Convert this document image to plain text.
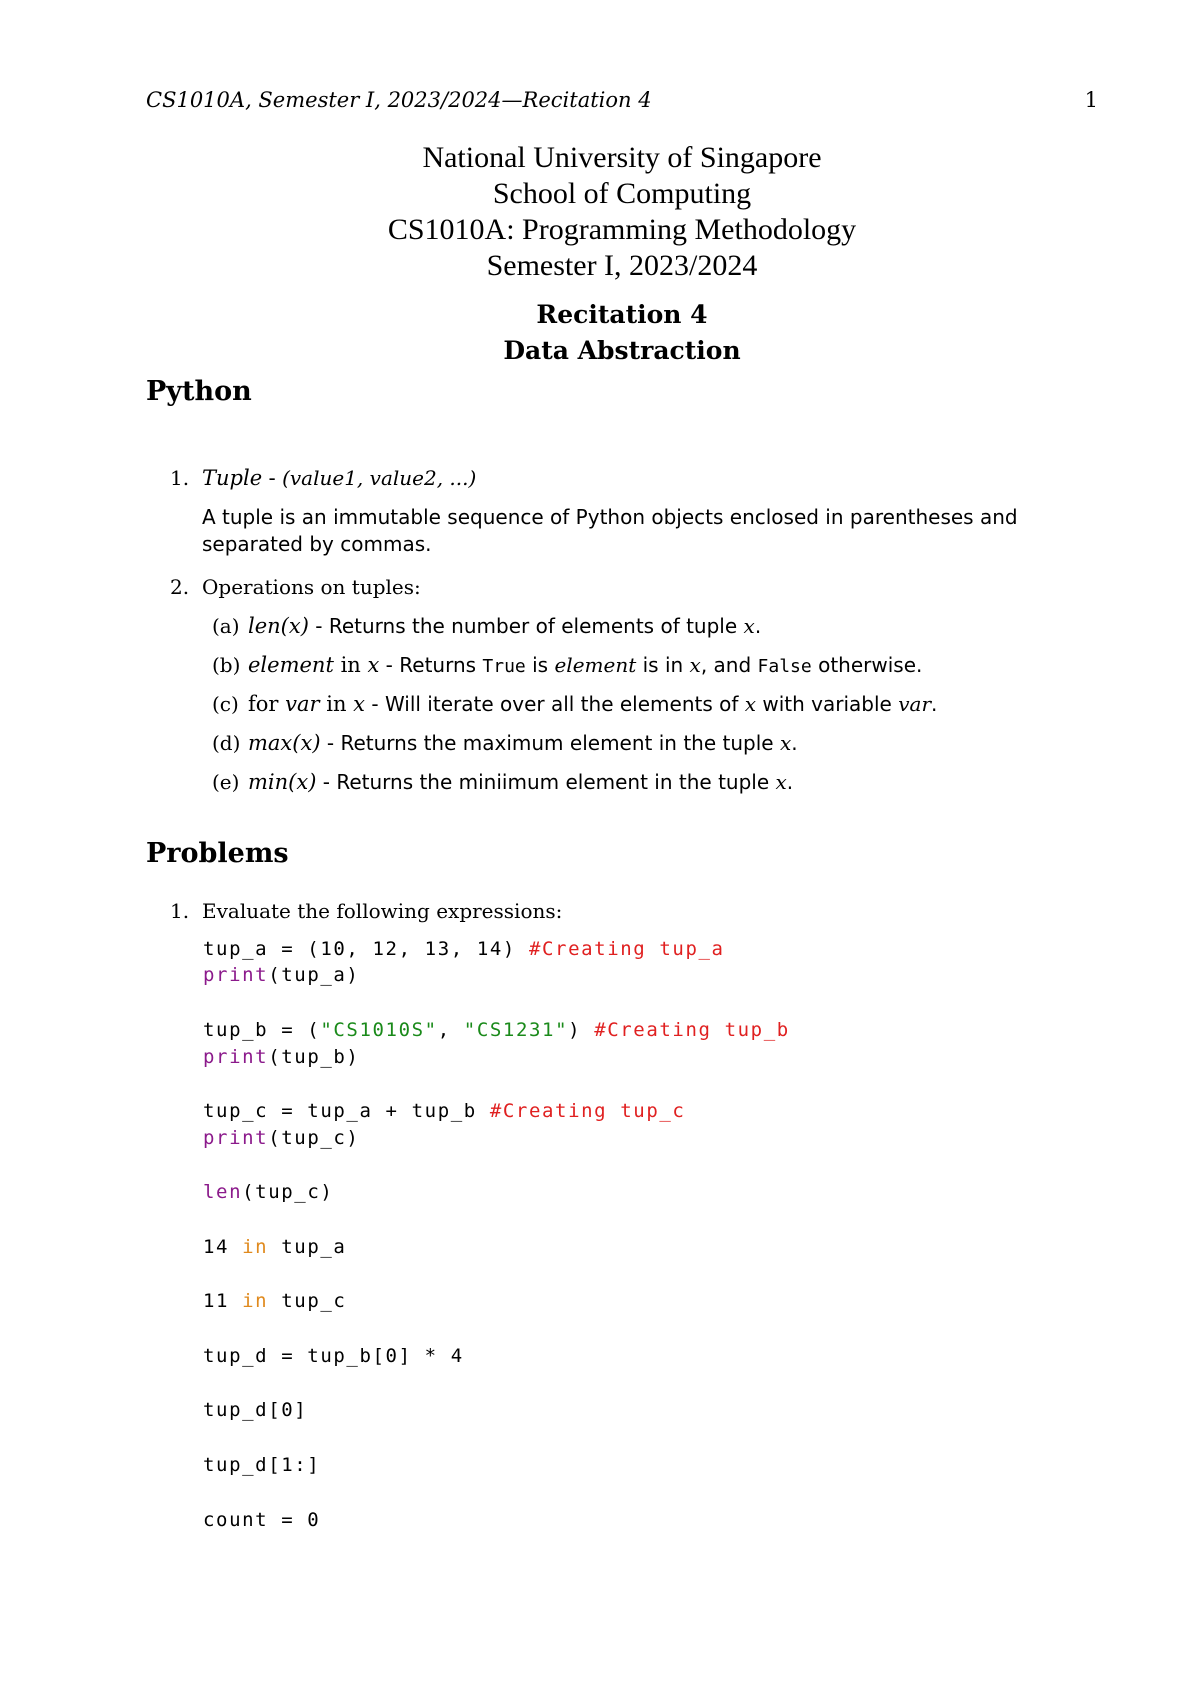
CS1010A, Semester I, 2023/2024—Recitation 4	1
National University of Singapore
School of Computing
CS1010A: Programming Methodology
Semester I, 2023/2024
Recitation 4
Data Abstraction
Python
1. Tuple - (value1, value2, ...)
A tuple is an immutable sequence of Python objects enclosed in parentheses and separated by commas.
2. Operations on tuples:
(a) len(x) - Returns the number of elements of tuple x.
(b) element in x - Returns True is element is in x, and False otherwise.
(c) for var in x - Will iterate over all the elements of x with variable var.
(d) max(x) - Returns the maximum element in the tuple x.
(e) min(x) - Returns the miniimum element in the tuple x.
Problems
1. Evaluate the following expressions:
tup_a = (10, 12, 13, 14) #Creating tup_a
print(tup_a)
tup_b = ("CS1010S", "CS1231") #Creating tup_b
print(tup_b)
tup_c = tup_a + tup_b #Creating tup_c
print(tup_c)
len(tup_c)
14 in tup_a
11 in tup_c
tup_d = tup_b[0] * 4
tup_d[0]
tup_d[1:]
count = 0
